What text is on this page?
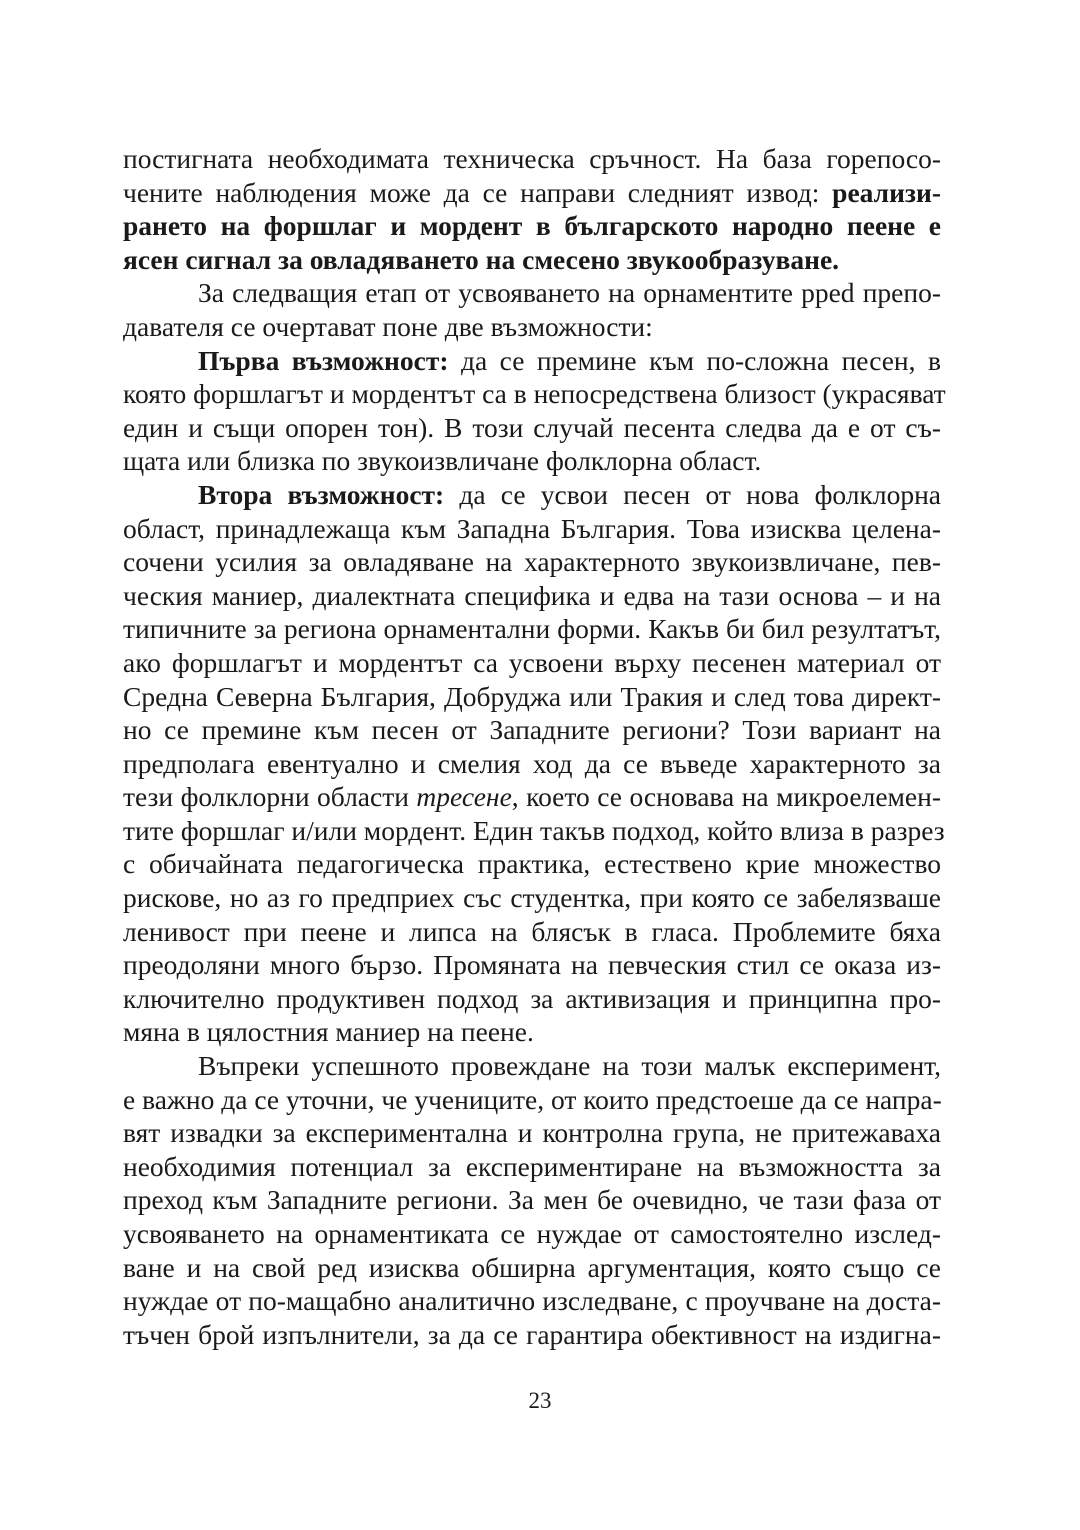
постигната необходимата техническа сръчност. На база горепосо-
чените наблюдения може да се направи следният извод: реализи-
рането на форшлаг и мордент в българското народно пеене е
ясен сигнал за овладяването на смесено звукообразуване.
За следващия етап от усвояването на орнаментите ррed препо-
давателя се очертават поне две възможности:
Първа възможност: да се премине към по-сложна песен, в
която форшлагът и мордентът са в непосредствена близост (украсяват
един и същи опорен тон). В този случай песента следва да е от съ-
щата или близка по звукоизвличане фолклорна област.
Втора възможност: да се усвои песен от нова фолклорна
област, принадлежаща към Западна България. Това изисква целена-
сочени усилия за овладяване на характерното звукоизвличане, пев-
ческия маниер, диалектната специфика и едва на тази основа – и на
типичните за региона орнаментални форми. Какъв би бил резултатът,
ако форшлагът и мордентът са усвоени върху песенен материал от
Средна Северна България, Добруджа или Тракия и след това директ-
но се премине към песен от Западните региони? Този вариант на
предполага евентуално и смелия ход да се въведе характерното за
тези фолклорни области тресене, което се основава на микроелемен-
тите форшлаг и/или мордент. Един такъв подход, който влиза в разрез
с обичайната педагогическа практика, естествено крие множество
рискове, но аз го предприех със студентка, при която се забелязваше
ленивост при пеене и липса на блясък в гласа. Проблемите бяха
преодоляни много бързо. Промяната на певческия стил се оказа из-
ключително продуктивен подход за активизация и принципна про-
мяна в цялостния маниер на пеене.
Въпреки успешното провеждане на този малък експеримент,
е важно да се уточни, че учениците, от които предстоеше да се напра-
вят извадки за експериментална и контролна група, не притежаваха
необходимия потенциал за експериментиране на възможността за
преход към Западните региони. За мен бе очевидно, че тази фаза от
усвояването на орнаментиката се нуждае от самостоятелно изслед-
ване и на свой ред изисква обширна аргументация, която също се
нуждае от по-мащабно аналитично изследване, с проучване на доста-
тъчен брой изпълнители, за да се гарантира обективност на издигна-
23
